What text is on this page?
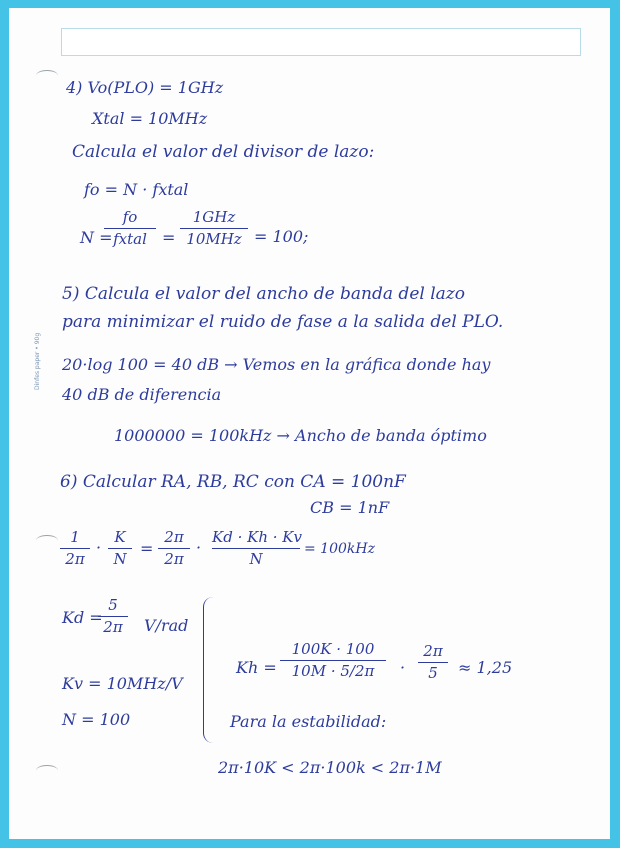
Dinfes paper • 90g
4) Vo(PLO) = 1GHz
Xtal = 10MHz
Calcula el valor del divisor de lazo:
fo = N · fxtal
N =
fo
fxtal =
1GHz
10MHz = 100;
5) Calcula el valor del ancho de banda del lazo
para minimizar el ruido de fase a la salida del PLO.
20·log 100 = 40 dB → Vemos en la gráfica donde hay
40 dB de diferencia
1000000 = 100kHz → Ancho de banda óptimo
6) Calcular RA, RB, RC con CA = 100nF
CB = 1nF
1
2π
·
K
N
=
2π
2π
·
Kd · Kh · Kv
N
= 100kHz
Kd =
5
2π	V/rad
Kv = 10MHz/V
N = 100
Kh =
100K · 100
10M · 5/2π	·
2π
5	≈ 1,25
Para la estabilidad:
2π·10K < 2π·100k < 2π·1M
